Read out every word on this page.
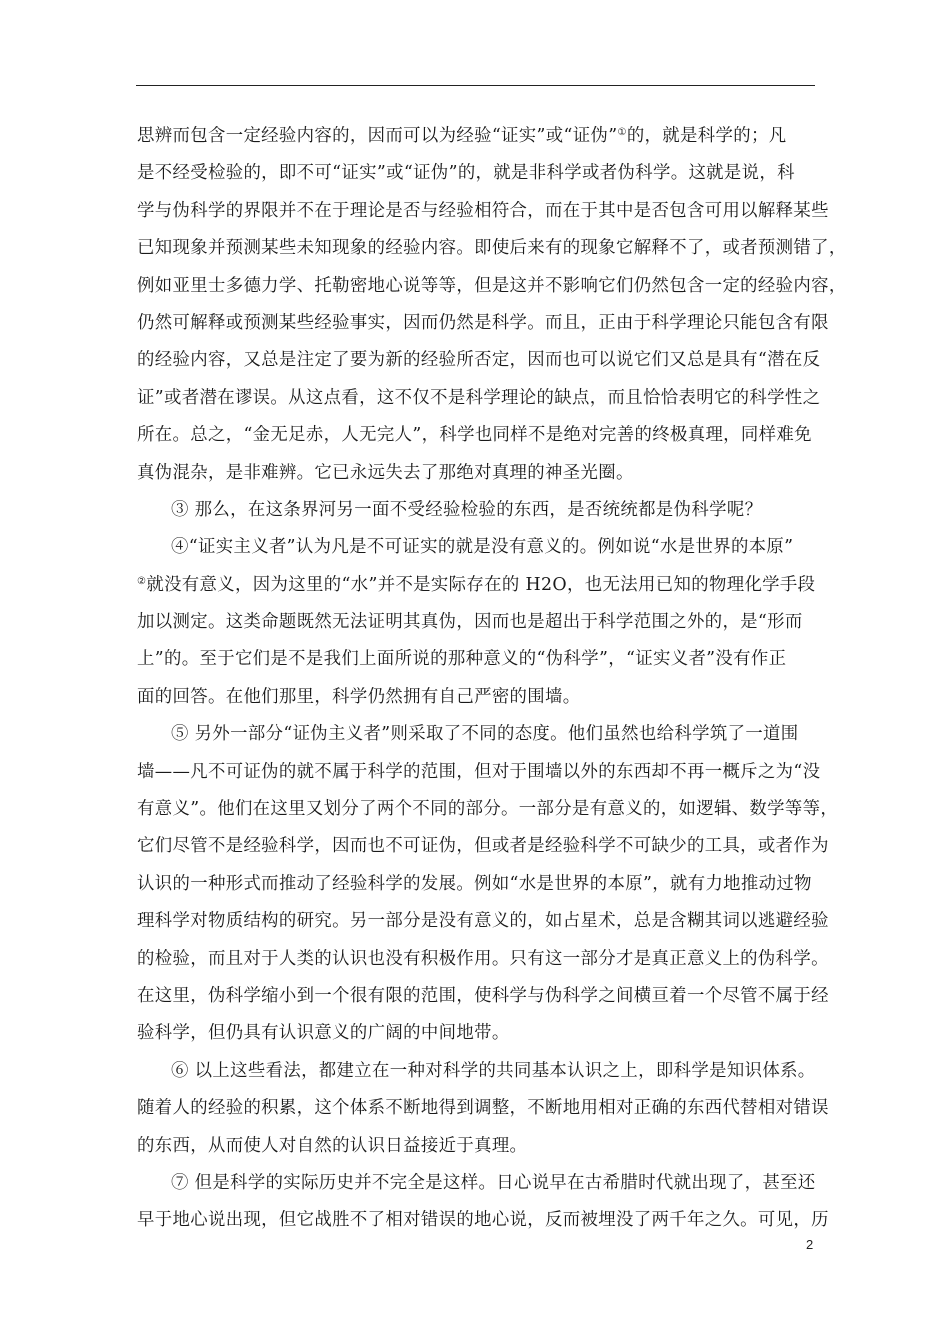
思辨而包含一定经验内容的，因而可以为经验“证实”或“证伪”①的，就是科学的；凡
是不经受检验的，即不可“证实”或“证伪”的，就是非科学或者伪科学。这就是说，科
学与伪科学的界限并不在于理论是否与经验相符合，而在于其中是否包含可用以解释某些
已知现象并预测某些未知现象的经验内容。即使后来有的现象它解释不了，或者预测错了，
例如亚里士多德力学、托勒密地心说等等，但是这并不影响它们仍然包含一定的经验内容，
仍然可解释或预测某些经验事实，因而仍然是科学。而且，正由于科学理论只能包含有限
的经验内容，又总是注定了要为新的经验所否定，因而也可以说它们又总是具有“潜在反
证”或者潜在谬误。从这点看，这不仅不是科学理论的缺点，而且恰恰表明它的科学性之
所在。总之，“金无足赤，人无完人”，科学也同样不是绝对完善的终极真理，同样难免
真伪混杂，是非难辨。它已永远失去了那绝对真理的神圣光圈。
③ 那么，在这条界河另一面不受经验检验的东西，是否统统都是伪科学呢？
④“证实主义者”认为凡是不可证实的就是没有意义的。例如说“水是世界的本原”
②就没有意义，因为这里的“水”并不是实际存在的 H2O，也无法用已知的物理化学手段
加以测定。这类命题既然无法证明其真伪，因而也是超出于科学范围之外的，是“形而
上”的。至于它们是不是我们上面所说的那种意义的“伪科学”，“证实义者”没有作正
面的回答。在他们那里，科学仍然拥有自己严密的围墙。
⑤ 另外一部分“证伪主义者”则采取了不同的态度。他们虽然也给科学筑了一道围
墙——凡不可证伪的就不属于科学的范围，但对于围墙以外的东西却不再一概斥之为“没
有意义”。他们在这里又划分了两个不同的部分。一部分是有意义的，如逻辑、数学等等，
它们尽管不是经验科学，因而也不可证伪，但或者是经验科学不可缺少的工具，或者作为
认识的一种形式而推动了经验科学的发展。例如“水是世界的本原”，就有力地推动过物
理科学对物质结构的研究。另一部分是没有意义的，如占星术，总是含糊其词以逃避经验
的检验，而且对于人类的认识也没有积极作用。只有这一部分才是真正意义上的伪科学。
在这里，伪科学缩小到一个很有限的范围，使科学与伪科学之间横亘着一个尽管不属于经
验科学，但仍具有认识意义的广阔的中间地带。
⑥ 以上这些看法，都建立在一种对科学的共同基本认识之上，即科学是知识体系。
随着人的经验的积累，这个体系不断地得到调整，不断地用相对正确的东西代替相对错误
的东西，从而使人对自然的认识日益接近于真理。
⑦ 但是科学的实际历史并不完全是这样。日心说早在古希腊时代就出现了，甚至还
早于地心说出现，但它战胜不了相对错误的地心说，反而被埋没了两千年之久。可见，历
2
